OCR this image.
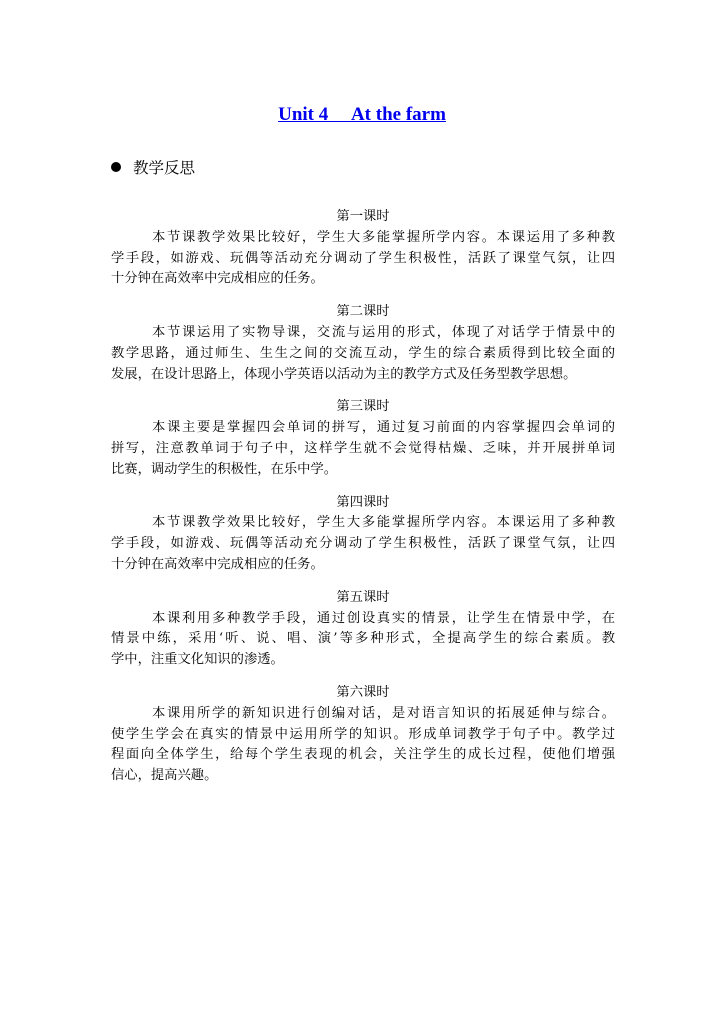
Unit 4     At the farm
教学反思
第一课时
本节课教学效果比较好，学生大多能掌握所学内容。本课运用了多种教
学手段，如游戏、玩偶等活动充分调动了学生积极性，活跃了课堂气氛，让四
十分钟在高效率中完成相应的任务。
第二课时
本节课运用了实物导课，交流与运用的形式，体现了对话学于情景中的
教学思路，通过师生、生生之间的交流互动，学生的综合素质得到比较全面的
发展，在设计思路上，体现小学英语以活动为主的教学方式及任务型教学思想。
第三课时
本课主要是掌握四会单词的拼写，通过复习前面的内容掌握四会单词的
拼写，注意教单词于句子中，这样学生就不会觉得枯燥、乏味，并开展拼单词
比赛，调动学生的积极性，在乐中学。
第四课时
本节课教学效果比较好，学生大多能掌握所学内容。本课运用了多种教
学手段，如游戏、玩偶等活动充分调动了学生积极性，活跃了课堂气氛，让四
十分钟在高效率中完成相应的任务。
第五课时
本课利用多种教学手段，通过创设真实的情景，让学生在情景中学，在
情景中练，采用‘听、说、唱、演’等多种形式，全提高学生的综合素质。教
学中，注重文化知识的渗透。
第六课时
本课用所学的新知识进行创编对话，是对语言知识的拓展延伸与综合。
使学生学会在真实的情景中运用所学的知识。形成单词教学于句子中。教学过
程面向全体学生，给每个学生表现的机会，关注学生的成长过程，使他们增强
信心，提高兴趣。
